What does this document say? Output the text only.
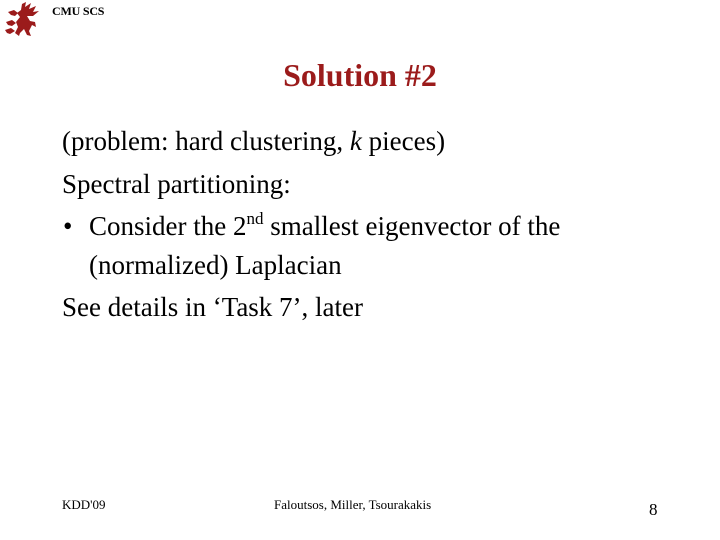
CMU SCS
Solution #2
(problem: hard clustering, k pieces)
Spectral partitioning:
• Consider the 2nd smallest eigenvector of the
(normalized) Laplacian
See details in ‘Task 7’, later
KDD'09	Faloutsos, Miller, Tsourakakis	8
